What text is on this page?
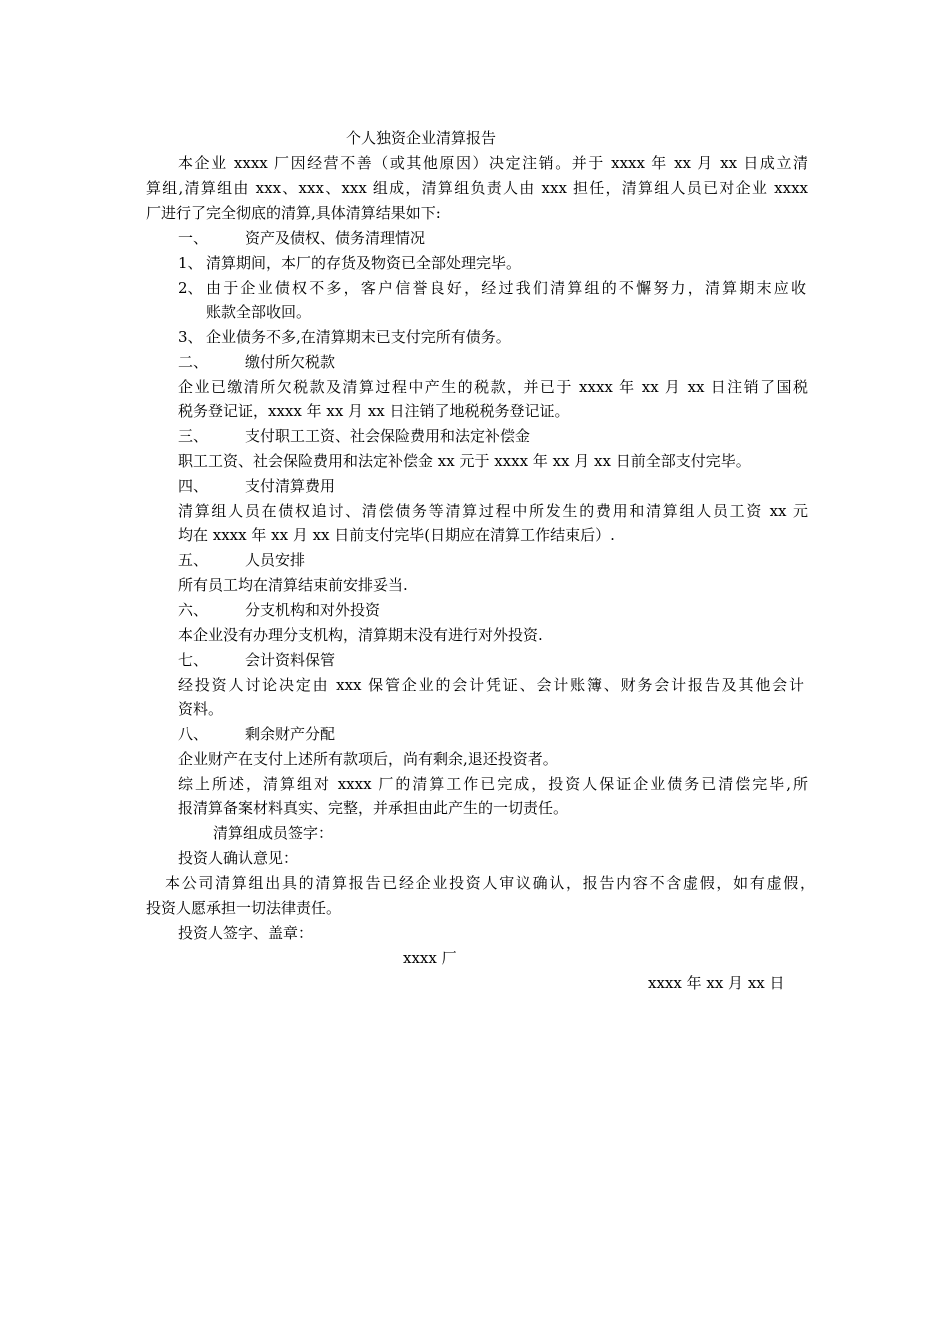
个人独资企业清算报告
本企业 xxxx 厂因经营不善（或其他原因）决定注销。并于 xxxx 年 xx 月 xx 日成立清
算组,清算组由 xxx、xxx、xxx 组成，清算组负责人由 xxx 担任，清算组人员已对企业 xxxx
厂进行了完全彻底的清算,具体清算结果如下:
一、 资产及债权、债务清理情况
1、 清算期间，本厂的存货及物资已全部处理完毕。
2、 由于企业债权不多，客户信誉良好，经过我们清算组的不懈努力，清算期末应收
账款全部收回。
3、 企业债务不多,在清算期末已支付完所有债务。
二、 缴付所欠税款
企业已缴清所欠税款及清算过程中产生的税款，并已于 xxxx 年 xx 月 xx 日注销了国税
税务登记证，xxxx 年 xx 月 xx 日注销了地税税务登记证。
三、 支付职工工资、社会保险费用和法定补偿金
职工工资、社会保险费用和法定补偿金 xx 元于 xxxx 年 xx 月 xx 日前全部支付完毕。
四、 支付清算费用
清算组人员在债权追讨、清偿债务等清算过程中所发生的费用和清算组人员工资 xx 元
均在 xxxx 年 xx 月 xx 日前支付完毕(日期应在清算工作结束后）.
五、 人员安排
所有员工均在清算结束前安排妥当.
六、 分支机构和对外投资
本企业没有办理分支机构，清算期末没有进行对外投资.
七、 会计资料保管
经投资人讨论决定由 xxx 保管企业的会计凭证、会计账簿、财务会计报告及其他会计
资料。
八、 剩余财产分配
企业财产在支付上述所有款项后，尚有剩余,退还投资者。
综上所述，清算组对 xxxx 厂的清算工作已完成，投资人保证企业债务已清偿完毕,所
报清算备案材料真实、完整，并承担由此产生的一切责任。
清算组成员签字：
投资人确认意见：
本公司清算组出具的清算报告已经企业投资人审议确认，报告内容不含虚假，如有虚假，
投资人愿承担一切法律责任。
投资人签字、盖章：
xxxx 厂
xxxx 年 xx 月 xx 日
